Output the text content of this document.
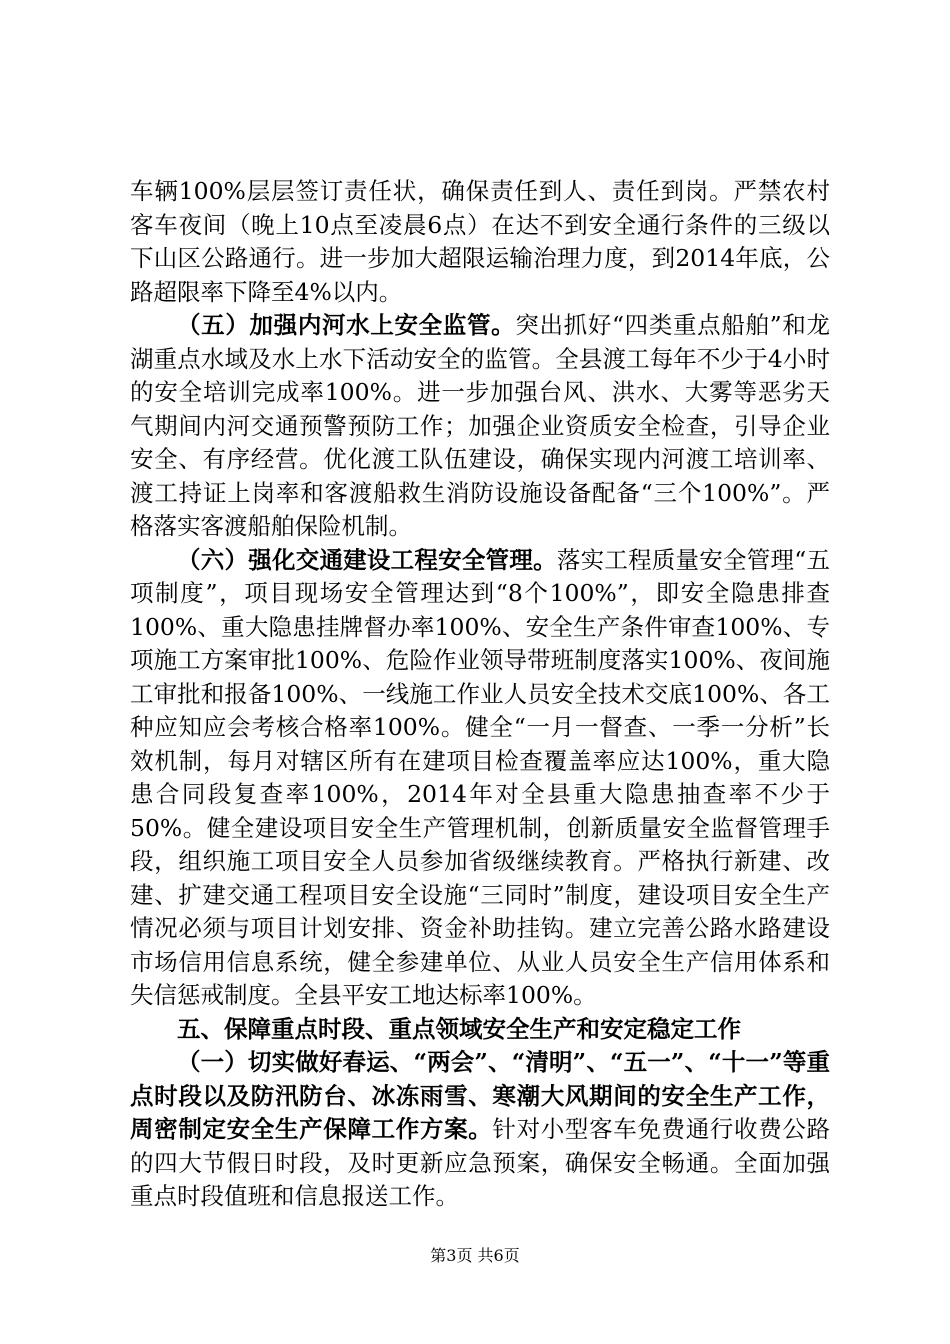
车辆100%层层签订责任状，确保责任到人、责任到岗。严禁农村客车夜间（晚上10点至凌晨6点）在达不到安全通行条件的三级以下山区公路通行。进一步加大超限运输治理力度，到2014年底，公路超限率下降至4%以内。

（五）加强内河水上安全监管。突出抓好“四类重点船舶”和龙湖重点水域及水上水下活动安全的监管。全县渡工每年不少于4小时的安全培训完成率100%。进一步加强台风、洪水、大雾等恶劣天气期间内河交通预警预防工作；加强企业资质安全检查，引导企业安全、有序经营。优化渡工队伍建设，确保实现内河渡工培训率、渡工持证上岗率和客渡船救生消防设施设备配备“三个100%”。严格落实客渡船舶保险机制。

（六）强化交通建设工程安全管理。落实工程质量安全管理“五项制度”，项目现场安全管理达到“8个100%”，即安全隐患排查100%、重大隐患挂牌督办率100%、安全生产条件审查100%、专项施工方案审批100%、危险作业领导带班制度落实100%、夜间施工审批和报备100%、一线施工作业人员安全技术交底100%、各工种应知应会考核合格率100%。健全“一月一督查、一季一分析”长效机制，每月对辖区所有在建项目检查覆盖率应达100%，重大隐患合同段复查率100%，2014年对全县重大隐患抽查率不少于50%。健全建设项目安全生产管理机制，创新质量安全监督管理手段，组织施工项目安全人员参加省级继续教育。严格执行新建、改建、扩建交通工程项目安全设施“三同时”制度，建设项目安全生产情况必须与项目计划安排、资金补助挂钩。建立完善公路水路建设市场信用信息系统，健全参建单位、从业人员安全生产信用体系和失信惩戒制度。全县平安工地达标率100%。

五、保障重点时段、重点领域安全生产和安定稳定工作

（一）切实做好春运、“两会”、“清明”、“五一”、“十一”等重点时段以及防汛防台、冰冻雨雪、寒潮大风期间的安全生产工作，周密制定安全生产保障工作方案。针对小型客车免费通行收费公路的四大节假日时段，及时更新应急预案，确保安全畅通。全面加强重点时段值班和信息报送工作。

第3页 共6页
